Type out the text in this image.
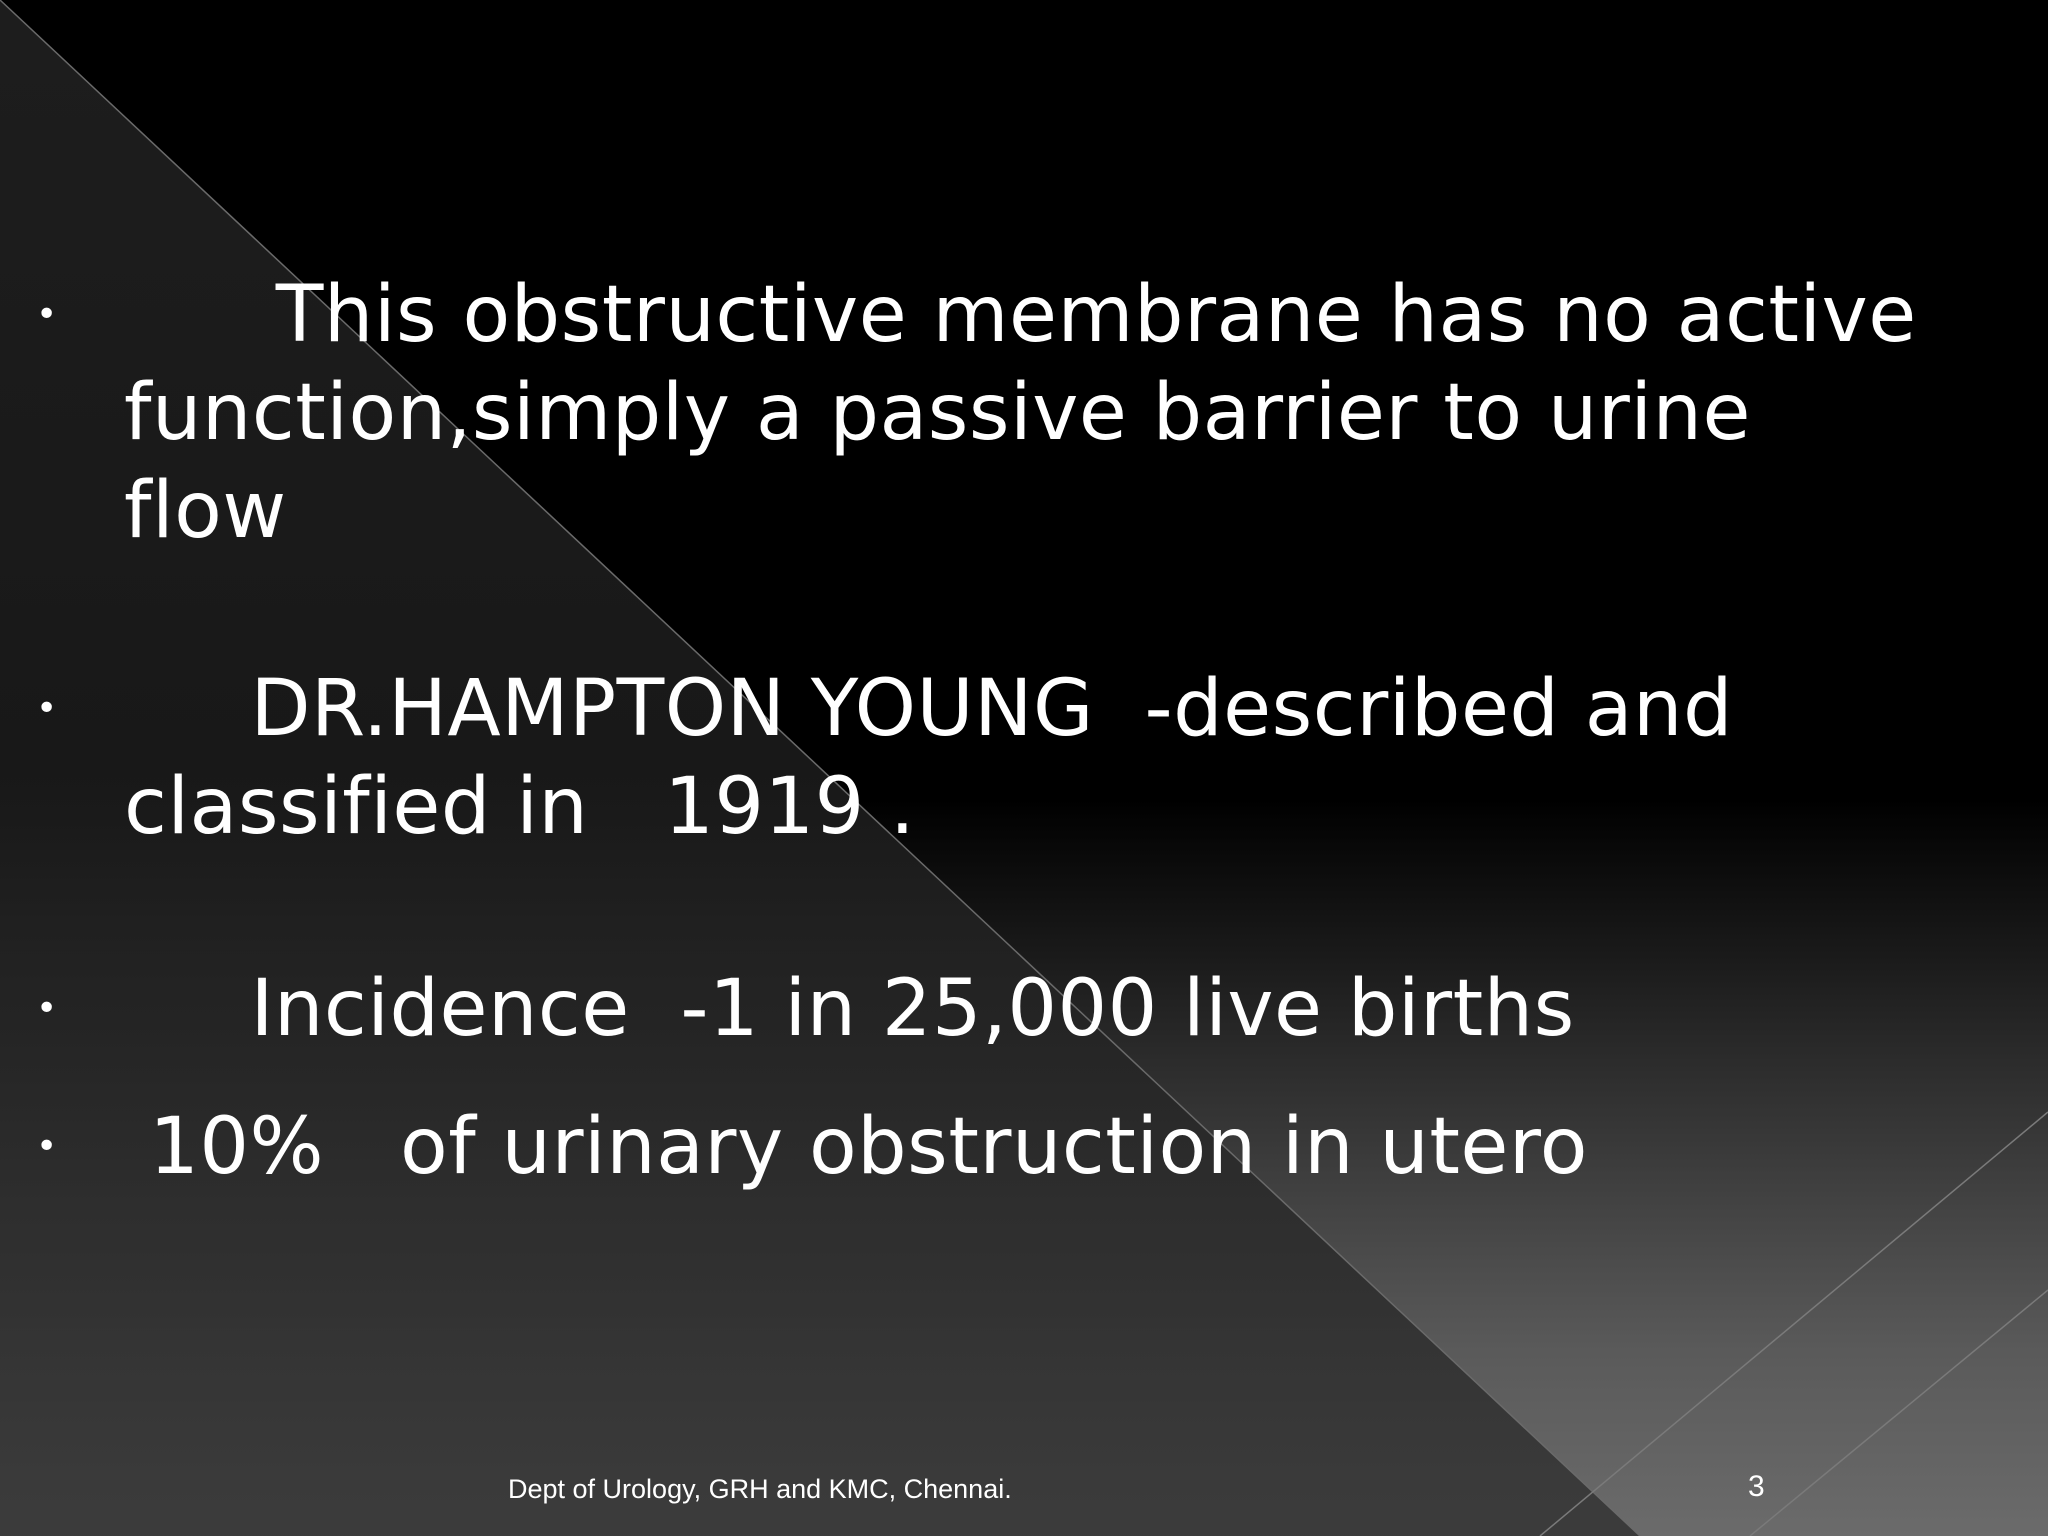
•	This obstructive membrane has no active
function,simply a passive barrier to urine
flow
•	DR.HAMPTON YOUNG  -described and
classified in   1919 .
• Incidence  -1 in 25,000 live births
• 10%   of urinary obstruction in utero
Dept of Urology, GRH and KMC, Chennai.	3
